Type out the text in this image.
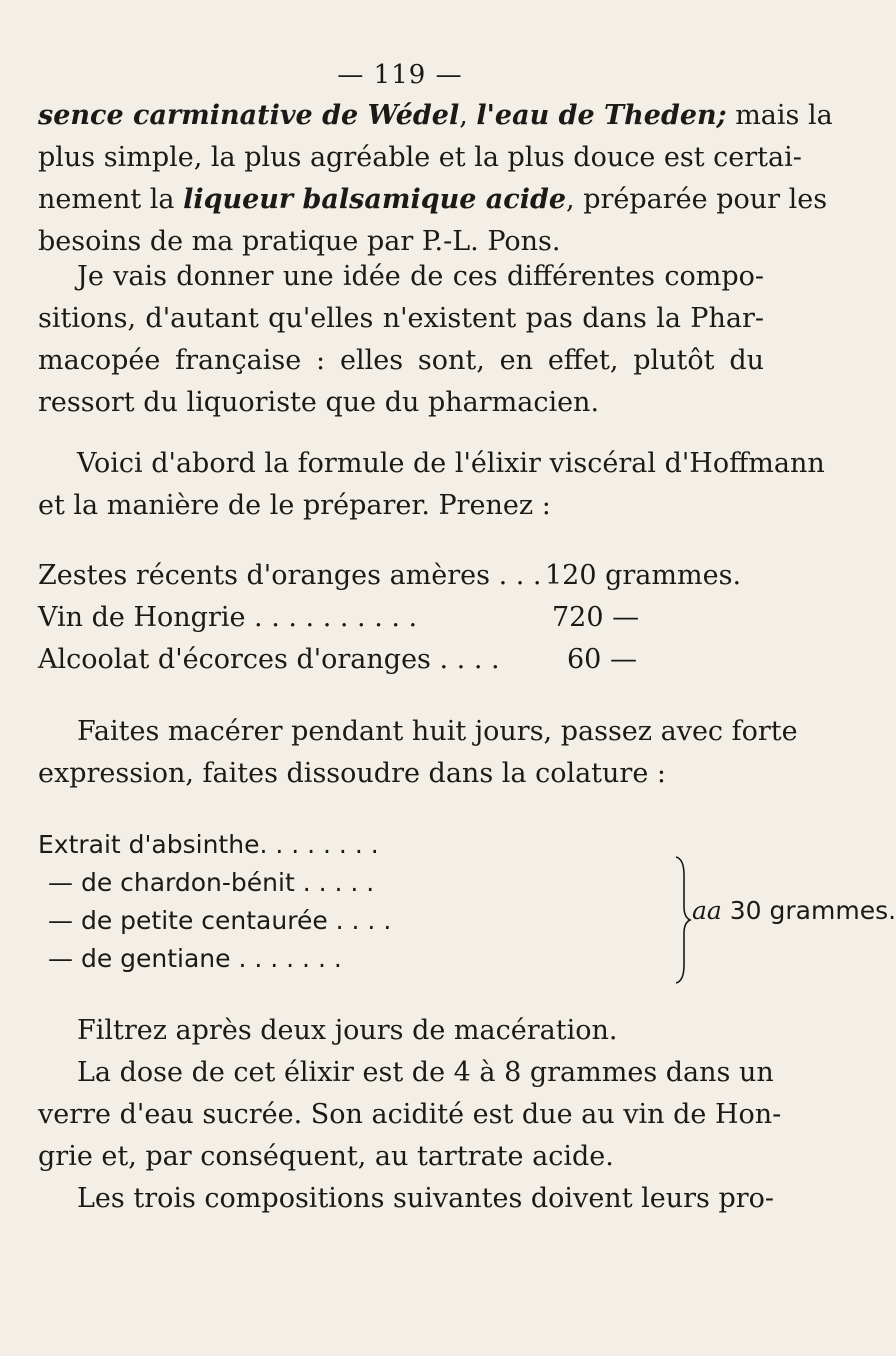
— 119 —
sence carminative de Wédel, l'eau de Theden; mais la
plus simple, la plus agréable et la plus douce est certai-
nement la liqueur balsamique acide, préparée pour les
besoins de ma pratique par P.-L. Pons.
Je vais donner une idée de ces différentes compo-
sitions, d'autant qu'elles n'existent pas dans la Phar-
macopée française : elles sont, en effet, plutôt du
ressort du liquoriste que du pharmacien.
Voici d'abord la formule de l'élixir viscéral d'Hoffmann
et la manière de le préparer. Prenez :
Zestes récents d'oranges amères . . . 120 grammes.
Vin de Hongrie . . . . . . . . . .	720 —
Alcoolat d'écorces d'oranges . . . . 60 —
Faites macérer pendant huit jours, passez avec forte
expression, faites dissoudre dans la colature :
Extrait d'absinthe. . . . . . . .
— de chardon-bénit . . . . .
— de petite centaurée . . . .
— de gentiane . . . . . . .
aa 30 grammes.
Filtrez après deux jours de macération.
La dose de cet élixir est de 4 à 8 grammes dans un
verre d'eau sucrée. Son acidité est due au vin de Hon-
grie et, par conséquent, au tartrate acide.
Les trois compositions suivantes doivent leurs pro-
